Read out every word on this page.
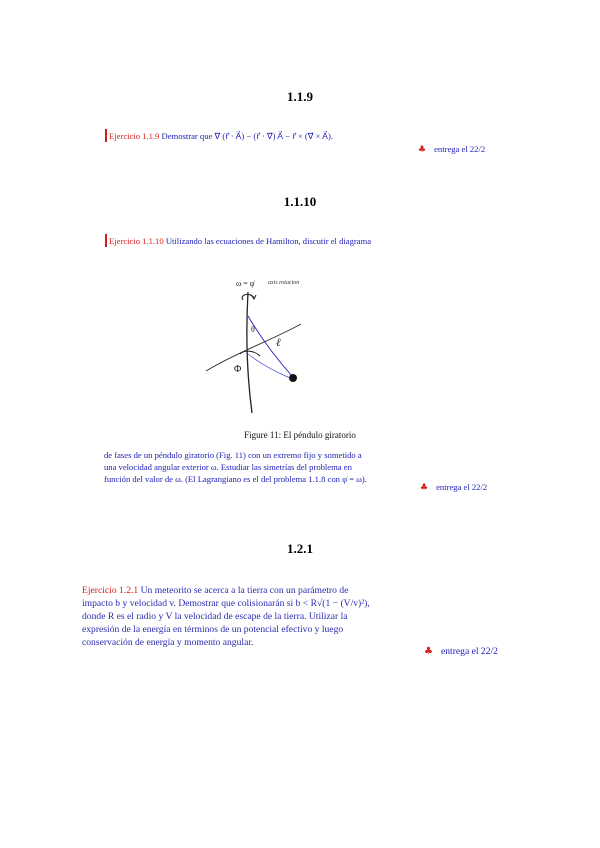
1.1.9
Ejercicio 1.1.9 Demostrar que ∇⃗ (r⃗ · A⃗) − (r⃗ · ∇⃗) A⃗ − r⃗ × (∇⃗ × A⃗).
♣ entrega el 22/2
1.1.10
Ejercicio 1.1.10 Utilizando las ecuaciones de Hamilton, discutir el diagrama
ω = φ̇ axis rotacion
θ
ℓ
Φ
Figure 11: El péndulo giratorio
de fases de un péndulo giratorio (Fig. 11) con un extremo fijo y sometido a
una velocidad angular exterior ω. Estudiar las simetrías del problema en
función del valor de ω. (El Lagrangiano es el del problema 1.1.8 con φ̇ = ω).
♣ entrega el 22/2
1.2.1
Ejercicio 1.2.1 Un meteorito se acerca a la tierra con un parámetro de
impacto b y velocidad v. Demostrar que colisionarán si b < R√(1 − (V/v)²),
donde R es el radio y V la velocidad de escape de la tierra. Utilizar la
expresión de la energía en términos de un potencial efectivo y luego
conservación de energía y momento angular.
♣ entrega el 22/2
